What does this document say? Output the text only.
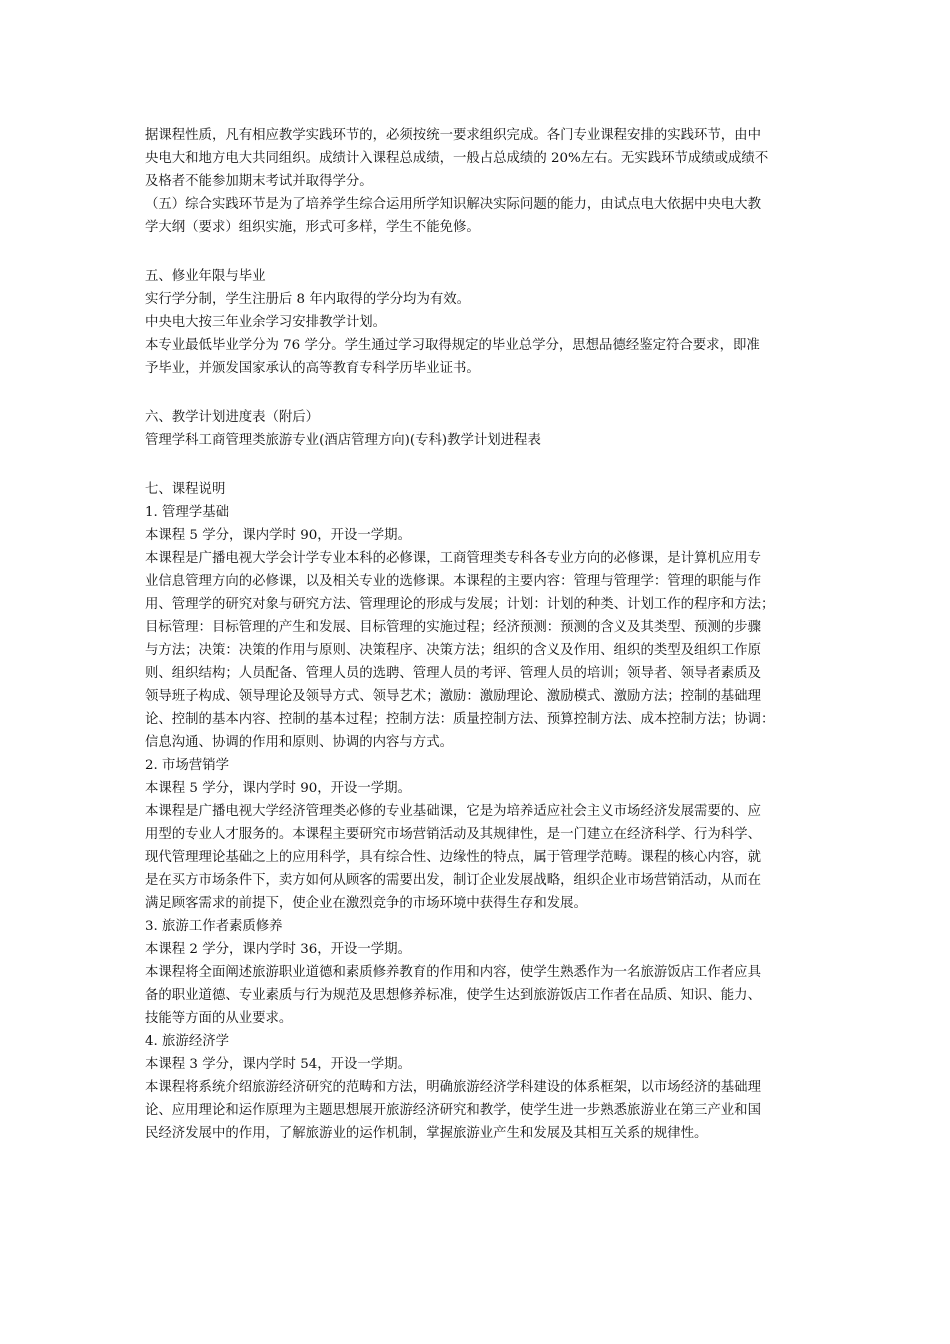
据课程性质，凡有相应教学实践环节的，必须按统一要求组织完成。各门专业课程安排的实践环节，由中

央电大和地方电大共同组织。成绩计入课程总成绩，一般占总成绩的 20%左右。无实践环节成绩或成绩不

及格者不能参加期末考试并取得学分。

（五）综合实践环节是为了培养学生综合运用所学知识解决实际问题的能力，由试点电大依据中央电大教

学大纲（要求）组织实施，形式可多样，学生不能免修。

五、修业年限与毕业

实行学分制，学生注册后 8 年内取得的学分均为有效。

中央电大按三年业余学习安排教学计划。

本专业最低毕业学分为 76 学分。学生通过学习取得规定的毕业总学分，思想品德经鉴定符合要求，即准

予毕业，并颁发国家承认的高等教育专科学历毕业证书。

六、教学计划进度表（附后）

管理学科工商管理类旅游专业(酒店管理方向)(专科)教学计划进程表

七、课程说明

1. 管理学基础

本课程 5 学分，课内学时 90，开设一学期。

本课程是广播电视大学会计学专业本科的必修课，工商管理类专科各专业方向的必修课，是计算机应用专

业信息管理方向的必修课，以及相关专业的选修课。本课程的主要内容：管理与管理学：管理的职能与作

用、管理学的研究对象与研究方法、管理理论的形成与发展；计划：计划的种类、计划工作的程序和方法；

目标管理：目标管理的产生和发展、目标管理的实施过程；经济预测：预测的含义及其类型、预测的步骤

与方法；决策：决策的作用与原则、决策程序、决策方法；组织的含义及作用、组织的类型及组织工作原

则、组织结构；人员配备、管理人员的选聘、管理人员的考评、管理人员的培训；领导者、领导者素质及

领导班子构成、领导理论及领导方式、领导艺术；激励：激励理论、激励模式、激励方法；控制的基础理

论、控制的基本内容、控制的基本过程；控制方法：质量控制方法、预算控制方法、成本控制方法；协调：

信息沟通、协调的作用和原则、协调的内容与方式。

2. 市场营销学

本课程 5 学分，课内学时 90，开设一学期。

本课程是广播电视大学经济管理类必修的专业基础课，它是为培养适应社会主义市场经济发展需要的、应

用型的专业人才服务的。本课程主要研究市场营销活动及其规律性，是一门建立在经济科学、行为科学、

现代管理理论基础之上的应用科学，具有综合性、边缘性的特点，属于管理学范畴。课程的核心内容，就

是在买方市场条件下，卖方如何从顾客的需要出发，制订企业发展战略，组织企业市场营销活动，从而在

满足顾客需求的前提下，使企业在激烈竞争的市场环境中获得生存和发展。

3. 旅游工作者素质修养

本课程 2 学分，课内学时 36，开设一学期。

本课程将全面阐述旅游职业道德和素质修养教育的作用和内容，使学生熟悉作为一名旅游饭店工作者应具

备的职业道德、专业素质与行为规范及思想修养标准，使学生达到旅游饭店工作者在品质、知识、能力、

技能等方面的从业要求。

4. 旅游经济学

本课程 3 学分，课内学时 54，开设一学期。

本课程将系统介绍旅游经济研究的范畴和方法，明确旅游经济学科建设的体系框架，以市场经济的基础理

论、应用理论和运作原理为主题思想展开旅游经济研究和教学，使学生进一步熟悉旅游业在第三产业和国

民经济发展中的作用，了解旅游业的运作机制，掌握旅游业产生和发展及其相互关系的规律性。
